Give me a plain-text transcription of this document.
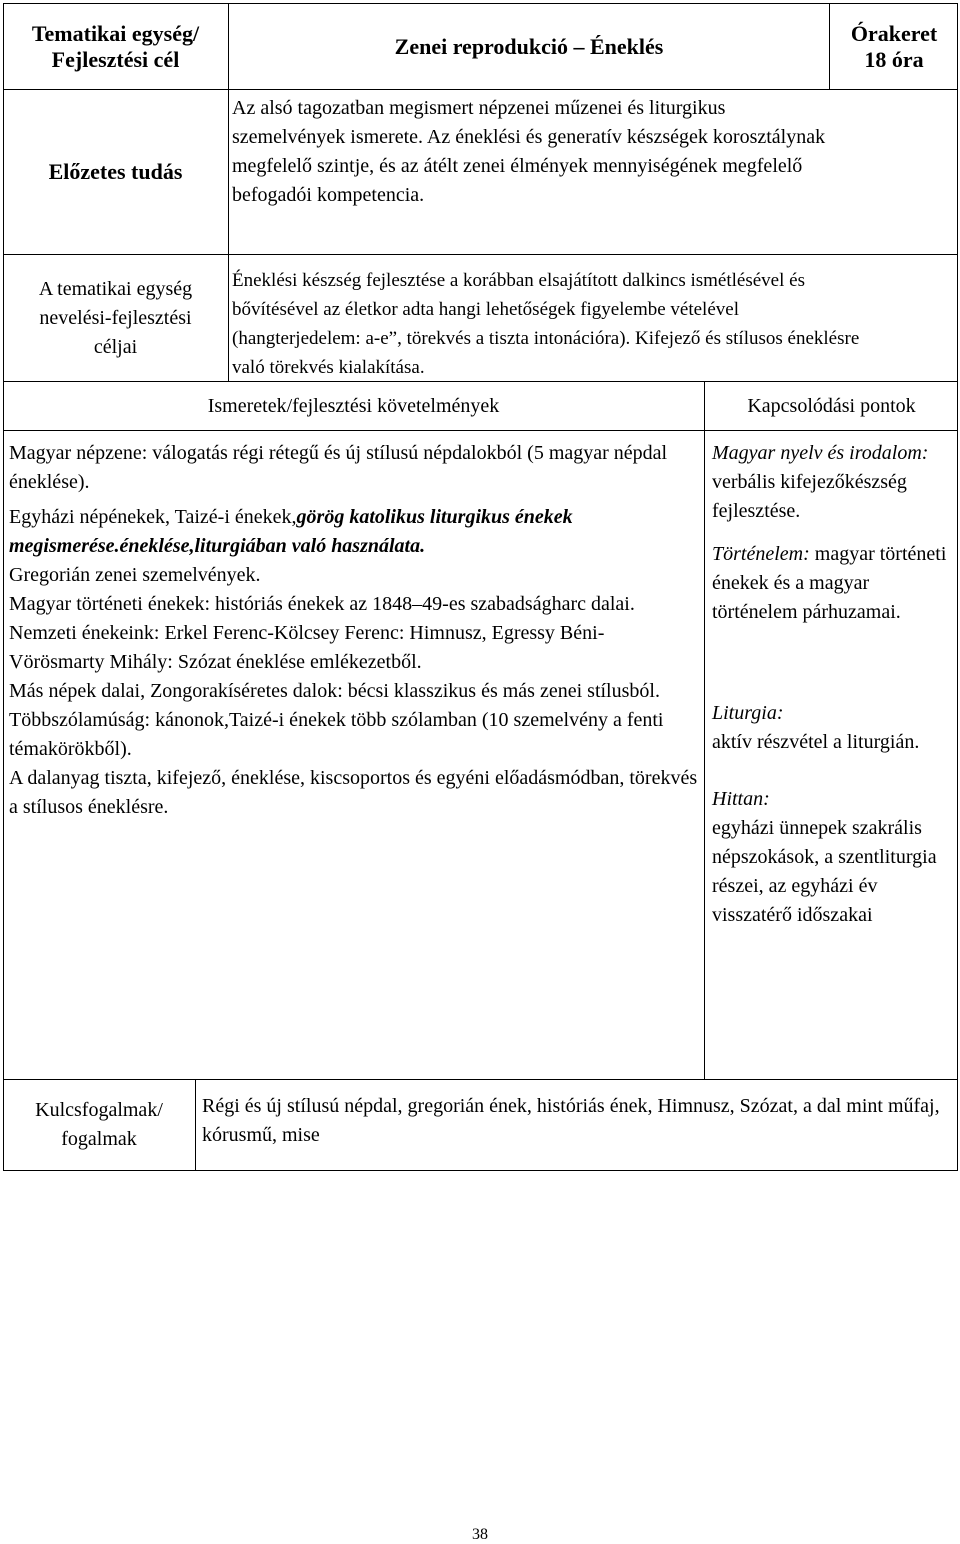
Tematikai egység/
Fejlesztési cél
Zenei reprodukció – Éneklés
Órakeret
18 óra
Előzetes tudás

Az alsó tagozatban megismert népzenei műzenei és liturgikus szemelvények ismerete. Az éneklési és generatív készségek korosztálynak megfelelő szintje, és az átélt zenei élmények mennyiségének megfelelő befogadói kompetencia.

A tematikai egység
nevelési-fejlesztési
céljai

Éneklési készség fejlesztése a korábban elsajátított dalkincs ismétlésével és bővítésével az életkor adta hangi lehetőségek figyelembe vételével (hangterjedelem: a-e”, törekvés a tiszta intonációra). Kifejező és stílusos éneklésre való törekvés kialakítása.

Ismeretek/fejlesztési követelmények	Kapcsolódási pontok

Magyar népzene: válogatás régi rétegű és új stílusú népdalokból (5 magyar népdal éneklése).

Egyházi népénekek, Taizé-i énekek,görög katolikus liturgikus énekek megismerése.éneklése,liturgiában való használata.

Gregorián zenei szemelvények.

Magyar történeti énekek: históriás énekek az 1848–49-es szabadságharc dalai.

Nemzeti énekeink: Erkel Ferenc-Kölcsey Ferenc: Himnusz, Egressy Béni-Vörösmarty Mihály: Szózat éneklése emlékezetből.

Más népek dalai, Zongorakíséretes dalok: bécsi klasszikus és más zenei stílusból.

Többszólamúság: kánonok,Taizé-i énekek több szólamban (10 szemelvény a fenti témakörökből).

A dalanyag tiszta, kifejező, éneklése, kiscsoportos és egyéni előadásmódban, törekvés a stílusos éneklésre.

Magyar nyelv és irodalom: verbális kifejezőkészség fejlesztése.

Történelem: magyar történeti énekek és a magyar történelem párhuzamai.

Liturgia:
aktív részvétel a liturgián.

Hittan:
egyházi ünnepek szakrális népszokások, a szentliturgia részei, az egyházi év visszatérő időszakai

Kulcsfogalmak/
fogalmak

Régi és új stílusú népdal, gregorián ének, históriás ének, Himnusz, Szózat, a dal mint műfaj, kórusmű, mise

38
